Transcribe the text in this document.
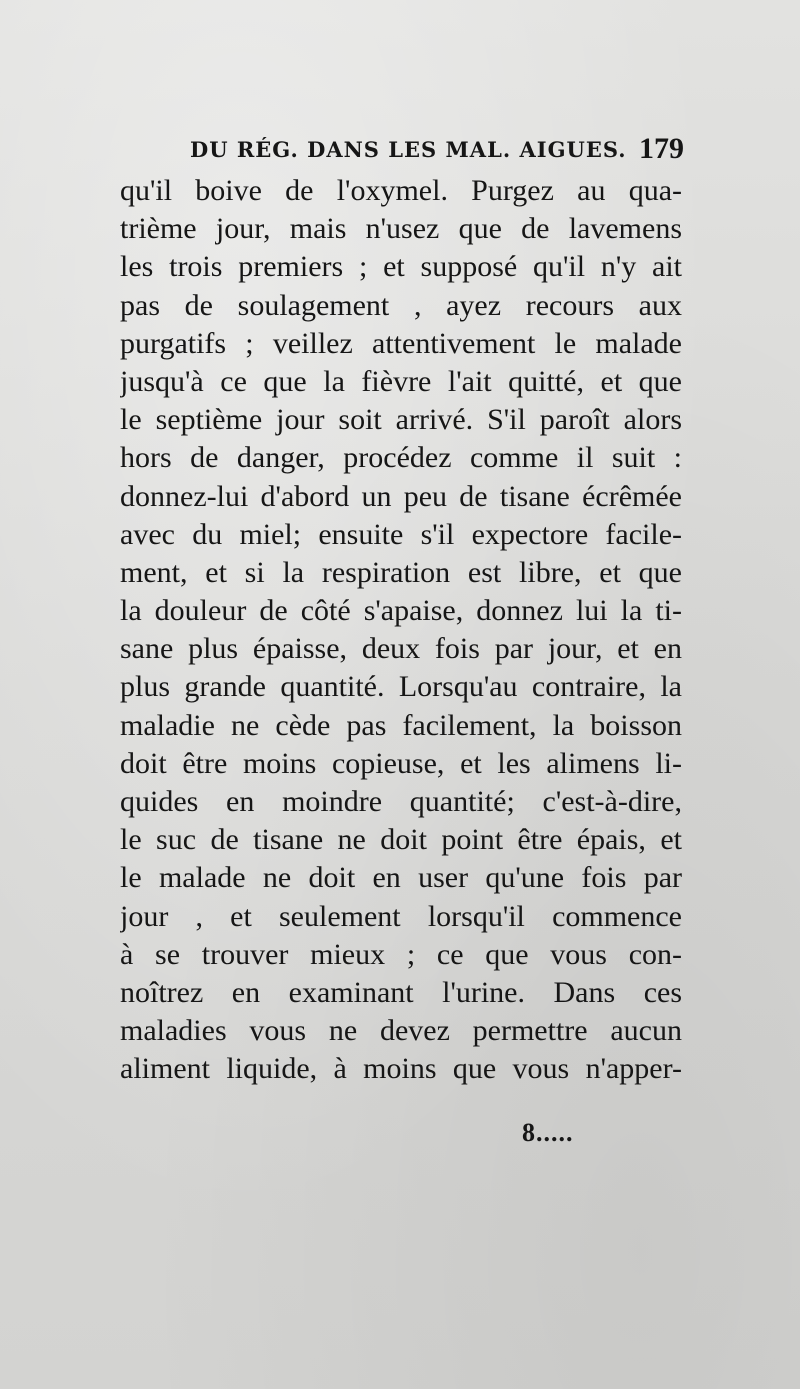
DU RÉG. DANS LES MAL. AIGUES. 179
qu'il boive de l'oxymel. Purgez au qua-
trième jour, mais n'usez que de lavemens
les trois premiers ; et supposé qu'il n'y ait
pas de soulagement , ayez recours aux
purgatifs ; veillez attentivement le malade
jusqu'à ce que la fièvre l'ait quitté, et que
le septième jour soit arrivé. S'il paroît alors
hors de danger, procédez comme il suit :
donnez-lui d'abord un peu de tisane écrêmée
avec du miel; ensuite s'il expectore facile-
ment, et si la respiration est libre, et que
la douleur de côté s'apaise, donnez lui la ti-
sane plus épaisse, deux fois par jour, et en
plus grande quantité. Lorsqu'au contraire, la
maladie ne cède pas facilement, la boisson
doit être moins copieuse, et les alimens li-
quides en moindre quantité; c'est-à-dire,
le suc de tisane ne doit point être épais, et
le malade ne doit en user qu'une fois par
jour , et seulement lorsqu'il commence
à se trouver mieux ; ce que vous con-
noîtrez en examinant l'urine. Dans ces
maladies vous ne devez permettre aucun
aliment liquide, à moins que vous n'apper-
8.....
